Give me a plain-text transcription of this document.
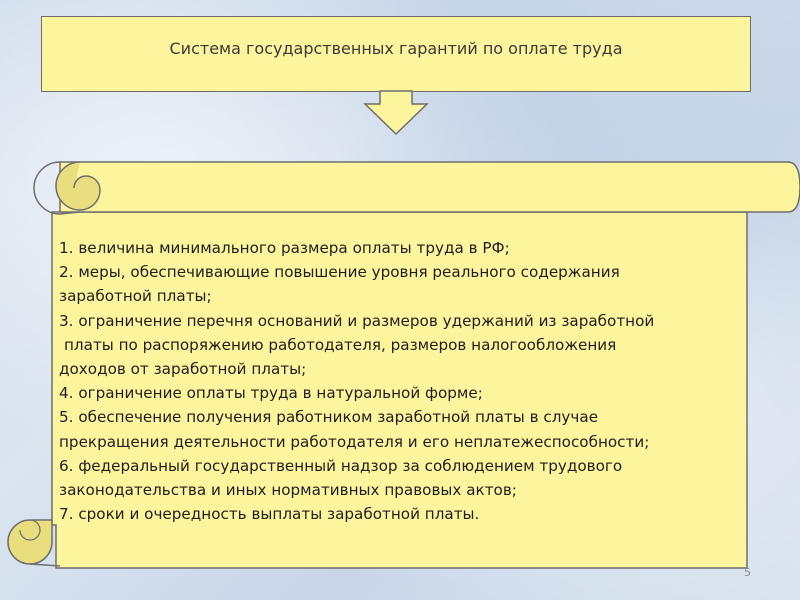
Система государственных гарантий по оплате труда
1. величина минимального размера оплаты труда в РФ;
2. меры, обеспечивающие повышение уровня реального содержания
заработной платы;
3. ограничение перечня оснований и размеров удержаний из заработной
платы по распоряжению работодателя, размеров налогообложения
доходов от заработной платы;
4. ограничение оплаты труда в натуральной форме;
5. обеспечение получения работником заработной платы в случае
прекращения деятельности работодателя и его неплатежеспособности;
6. федеральный государственный надзор за соблюдением трудового
законодательства и иных нормативных правовых актов;
7. сроки и очередность выплаты заработной платы.
5
